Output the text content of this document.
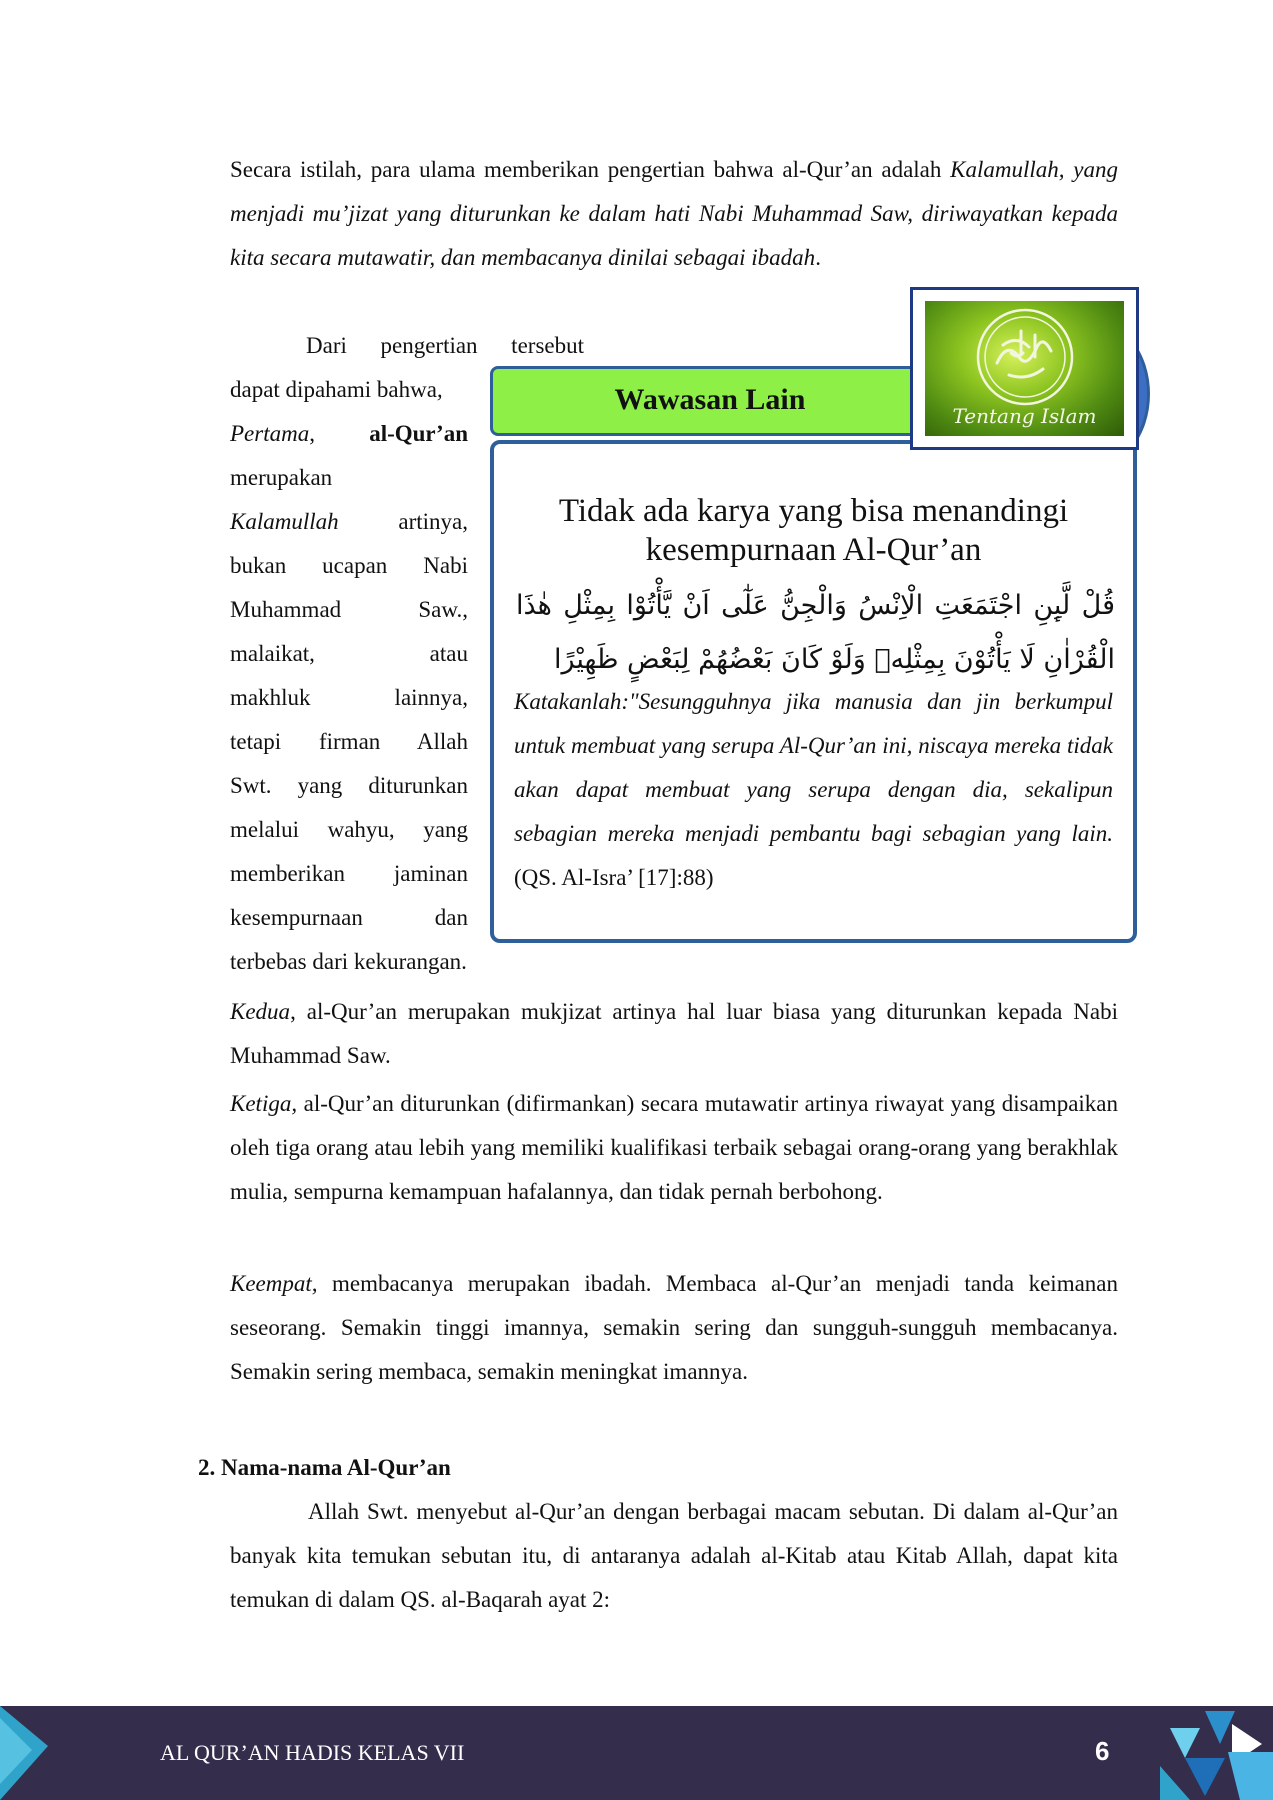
Secara istilah, para ulama memberikan pengertian bahwa al-Qur’an adalah Kalamullah, yang menjadi mu’jizat yang diturunkan ke dalam hati Nabi Muhammad Saw, diriwayatkan kepada kita secara mutawatir, dan membacanya dinilai sebagai ibadah.

Dari pengertian tersebut
dapat dipahami bahwa,
Pertama, al-Qur’an
merupakan
Kalamullah	artinya,
bukan ucapan Nabi
Muhammad Saw.,
malaikat, atau
makhluk lainnya,
tetapi firman Allah
Swt. yang diturunkan
melalui wahyu, yang
memberikan jaminan
kesempurnaan dan
terbebas dari kekurangan.
Wawasan Lain
Tidak ada karya yang bisa menandingi kesempurnaan Al-Qur’an
قُلْ لَّىِٕنِ اجْتَمَعَتِ الْاِنْسُ وَالْجِنُّ عَلٰٓى اَنْ يَّأْتُوْا بِمِثْلِ هٰذَا الْقُرْاٰنِ لَا يَأْتُوْنَ بِمِثْلِهٖ وَلَوْ كَانَ بَعْضُهُمْ لِبَعْضٍ ظَهِيْرًا
Katakanlah:"Sesungguhnya jika manusia dan jin berkumpul untuk membuat yang serupa Al-Qur’an ini, niscaya mereka tidak akan dapat membuat yang serupa dengan dia, sekalipun sebagian mereka menjadi pembantu bagi sebagian yang lain. (QS. Al-Isra’ [17]:88)
Tentang Islam

Kedua, al-Qur’an merupakan mukjizat artinya hal luar biasa yang diturunkan kepada Nabi Muhammad Saw.

Ketiga, al-Qur’an diturunkan (difirmankan) secara mutawatir artinya riwayat yang disampaikan oleh tiga orang atau lebih yang memiliki kualifikasi terbaik sebagai orang-orang yang berakhlak mulia, sempurna kemampuan hafalannya, dan tidak pernah berbohong.

Keempat, membacanya merupakan ibadah. Membaca al-Qur’an menjadi tanda keimanan seseorang. Semakin tinggi imannya, semakin sering dan sungguh-sungguh membacanya. Semakin sering membaca, semakin meningkat imannya.

2. Nama-nama Al-Qur’an

Allah Swt. menyebut al-Qur’an dengan berbagai macam sebutan. Di dalam al-Qur’an banyak kita temukan sebutan itu, di antaranya adalah al-Kitab atau Kitab Allah, dapat kita temukan di dalam QS. al-Baqarah ayat 2:

AL QUR’AN HADIS KELAS VII	6
